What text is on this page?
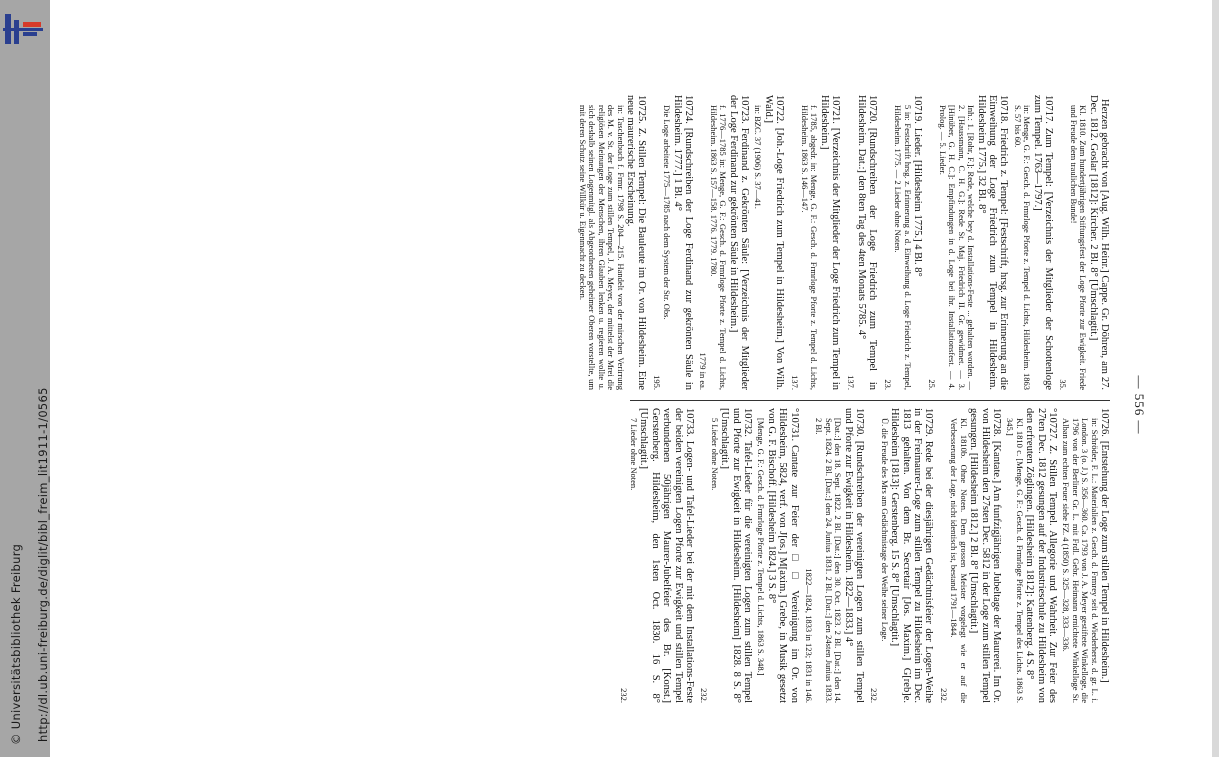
http://dl.ub.uni-freiburg.de/diglit/bibl_freim_lit1911-1/0565
© Universitätsbibliothek Freiburg
— 556 —

Herzen gebracht von [Aug. Wilh. Heinr.] Cappe. Gr. Döhren, am 27. Dec. 1812. Goslar [1812]: Kircher. 2 Bl. 8° [Umschlagtit.]
Kl. 1810. Zum hundertjährigen Stiftungsfest der Loge Pforte zur Ewigkeit. Friede und Freude dem traulichen Bunde!
35.

10717.Zum Tempel: [Verzeichnis der Mitglieder der Schottenloge zum Tempel. 1763—1797.]
in: Menge, G. F.: Gesch. d. Frmrloge Pforte z. Tempel d. Lichts, Hildesheim. 1863 S. 57 bis 60.

10718.Friedrich z. Tempel: [Festschrift, hrsg. zur Erinnerung an die Einweihung der Loge Friedrich zum Tempel in Hildesheim. Hildesheim 1775.] 32 Bl. 8°
Inh.: 1. [Rohr, F.]: Rede, welche bey d. Installations-Feste ... gehalten worden. — 2. [Haussmann, C. H. G.]: Rede St. Maj. Friedrich II. Gr. gewidmet. — 3. [Hinüber, G. H. C.]: Empfindungen in d. Loge bei ihr. Installationsfest. — 4. Prolog. — 5. Lieder.
25.

10719.Lieder. [Hildesheim 1775.] 4 Bl. 8°
5 in: Festschrift hrsg. z. Erinnerung a. d. Einweihung d. Loge Friedrich z. Tempel, Hildesheim. 1775. — 2 Lieder ohne Noten.
23.

10720.[Rundschreiben der Loge Friedrich zum Tempel in Hildesheim. Dat.:] den 8ten Tag des 4ten Monats 5785. 4°
137.

10721.[Verzeichnis der Mitglieder der Loge Friedrich zum Tempel in Hildesheim.]
f. 1785, abgedr. in: Menge, G. F.: Gesch. d. Frmrloge Pforte z. Tempel d. Lichts, Hildesheim. 1863 S. 146—147.
137.

10722.[Joh.-Loge Friedrich zum Tempel in Hildesheim.] Von Wilh. Wald.]
in: BZC. 37 (1906) S. 37—41.

10723.Ferdinand z. Gekrönten Säule: [Verzeichnis der Mitglieder der Loge Ferdinand zur gekrönten Säule in Hildesheim.]
f. 1776—1785 in: Menge, G. F.: Gesch. d. Frmrloge Pforte z. Tempel d. Lichts, Hildesheim. 1863 S. 157—158. 1776. 1779. 1780.
1779 in ea.

10724.[Rundschreiben der Loge Ferdinand zur gekrönten Säule in Hildesheim. 1777.] 1 Bl. 4°
Die Loge arbeitete 1775—1785 nach dem System der Str. Obs.
195.

10725.Z. Stillen Tempel: Die Bauleute im Or. von Hildesheim. Eine neue maurerische Erscheinung.
in: Taschenbuch f. Frmr. 1798 S. 204—215. Handelt von der mirschen Verirrung des M. v. St. der Loge zum stillen Tempel, J. A. Meyer, der mittelst der Mrei die religiösen Meinungen der Menschen, ihren Glauben lenken u. regieren wollte u. sich deshalb seinen Logenmitgl. als Abgeordneten geheimer Oberen vorstellte, um mit deren Schutz seine Willkür u. Eigenmacht zu decken.

10726.[Entstehung der Loge zum stillen Tempel in Hildesheim.]
in: Schröder, F. L.: Materialien z. Gesch. d. Frmrey seit d. Wiederherst. d. gr. L. i. London. 3 (o. J.) S. 356—360. Ca. 1793 von J. A. Meyer gestiftete Winkelloge, die 1796 von der Berliner Gr. L. mit Frdl. Gebr. Heimann ernichtete Winkelloge St. Alban zum echten Feuer siehe FZ. 4 (1850) S. 325—328, 333—336.

°10727.Z. Stillen Tempel. Allegorie und Wahrheit. Zur Feier des 27ten Dec. 1812 gesungen auf der Industrieschule zu Hildesheim von den erfreuten Zöglingen. [Hildesheim 1812]: Kattenberg. 4 S. 8°
Kl. 1810 c. [Menge, G. F.: Gesch. d. Frmrloge Pforte z. Tempel des Lichts. 1863 S. 345.]

10728.[Kantate.] Am funfzigjährigen Jubeltage der Maurerei. Im Or. von Hildesheim den 27sten Dec. 5812 in der Loge zum stillen Tempel gesungen. [Hildesheim 1812.] 2 Bl. 8° [Umschlagtit.]
Kl. 1810b. Ohne Noten. Dem grossen Meister vorgelegt wie er auf die Verbesserung der Loge, nicht identisch ist, bestand 1791—1844.
232.

10729.Rede bei der diesjährigen Gedächtnisfeier der Logen-Weihe in der Freimaurer-Loge zum stillen Tempel zu Hildesheim im Dec. 1813 gehalten. Von dem Br. Secretair [Jos. Maxim.] G[reb]e. Hildesheim [1813]: Gerstenberg. 15 S. 8° [Umschlagtit.]
Ü. die Freude des Mrs am Gedächtnistage der Weihe seiner Loge.
232.

10730.[Rundschreiben der vereinigten Logen zum stillen Tempel und Pforte zur Ewigkeit in Hildesheim. 1822—1833.] 4°
[Dat.:] den 18. Sept. 1822. 2 Bl. [Dat.:] den 30. Oct. 1823. 2 Bl. [Dat.:] den 14. Sept. 1824. 2 Bl. [Dat.:] den 24. Junius 1831. 2 Bl. [Dat.:] den 24sten Junius 1833. 2 Bl.
1822—1824, 1833 in 123; 1831 in 146.

°10731.Cantate zur Feier der □ □ Vereinigung im Or. von Hildesheim, 5824, verf. von J[os.] M[axim.] Grebe, in Musik gesetzt von G. F. Bischoff. [Hildesheim 1824.] 3 S. 8°
[Menge, G. F.: Gesch. d. Frmrloge Pforte z. Tempel d. Lichts, 1863 S. 348.]

10732.Tafel-Lieder für die vereinigten Logen zum stillen Tempel und Pforte zur Ewigkeit in Hildesheim. [Hildesheim] 1828. 8 S. 8° [Umschlagtit.]
5 Lieder ohne Noten.
232.

10733.Logen- und Tafel-Lieder bei der mit dem Installations-Feste der beiden vereinigten Logen Pforte zur Ewigkeit und stillen Tempel verbundenen 50jährigen Maurer-Jubelfeier des Br. [Konst.] Gerstenberg. Hildesheim, den 1sten Oct. 1830. 16 S. 8° [Umschlagtit.]
7 Lieder ohne Noten.
232.
